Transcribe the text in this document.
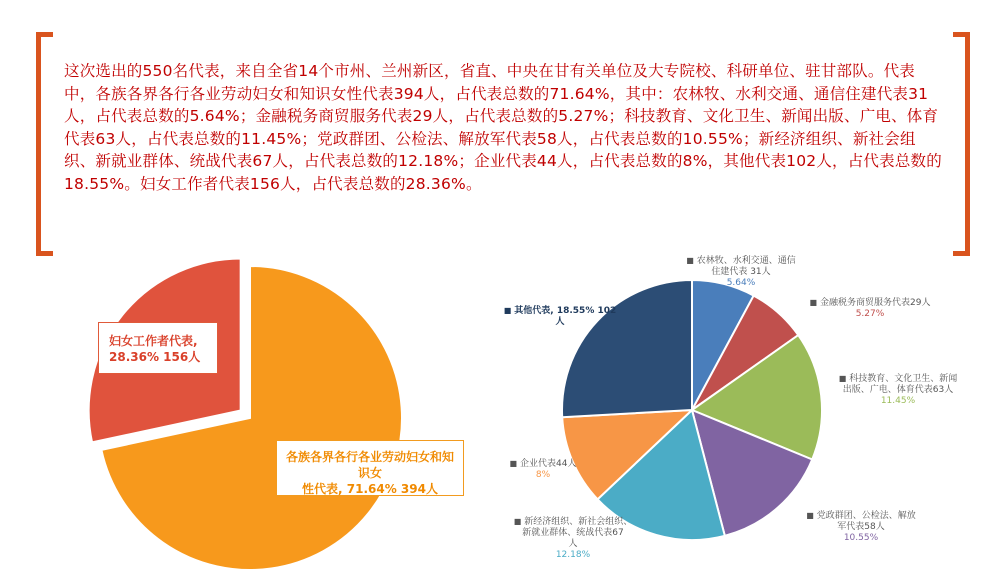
这次选出的550名代表，来自全省14个市州、兰州新区，省直、中央在甘有关单位及大专院校、科研单位、驻甘部队。代表中，各族各界各行各业劳动妇女和知识女性代表394人，占代表总数的71.64%，其中：农林牧、水利交通、通信住建代表31人，占代表总数的5.64%；金融税务商贸服务代表29人，占代表总数的5.27%；科技教育、文化卫生、新闻出版、广电、体育代表63人，占代表总数的11.45%；党政群团、公检法、解放军代表58人，占代表总数的10.55%；新经济组织、新社会组织、新就业群体、统战代表67人，占代表总数的12.18%；企业代表44人，占代表总数的8%，其他代表102人，占代表总数的18.55%。妇女工作者代表156人，占代表总数的28.36%。
妇女工作者代表,
28.36% 156人
各族各界各行各业劳动妇女和知识女
性代表, 71.64% 394人
■ 农林牧、水利交通、通信
住建代表 31人
5.64%
■ 金融税务商贸服务代表29人
5.27%
■ 科技教育、文化卫生、新闻
出版、广电、体育代表63人
11.45%
■ 党政群团、公检法、解放
军代表58人
10.55%
■ 新经济组织、新社会组织、
新就业群体、统战代表67
人
12.18%
■ 企业代表44人
8%
■ 其他代表, 18.55% 102人
